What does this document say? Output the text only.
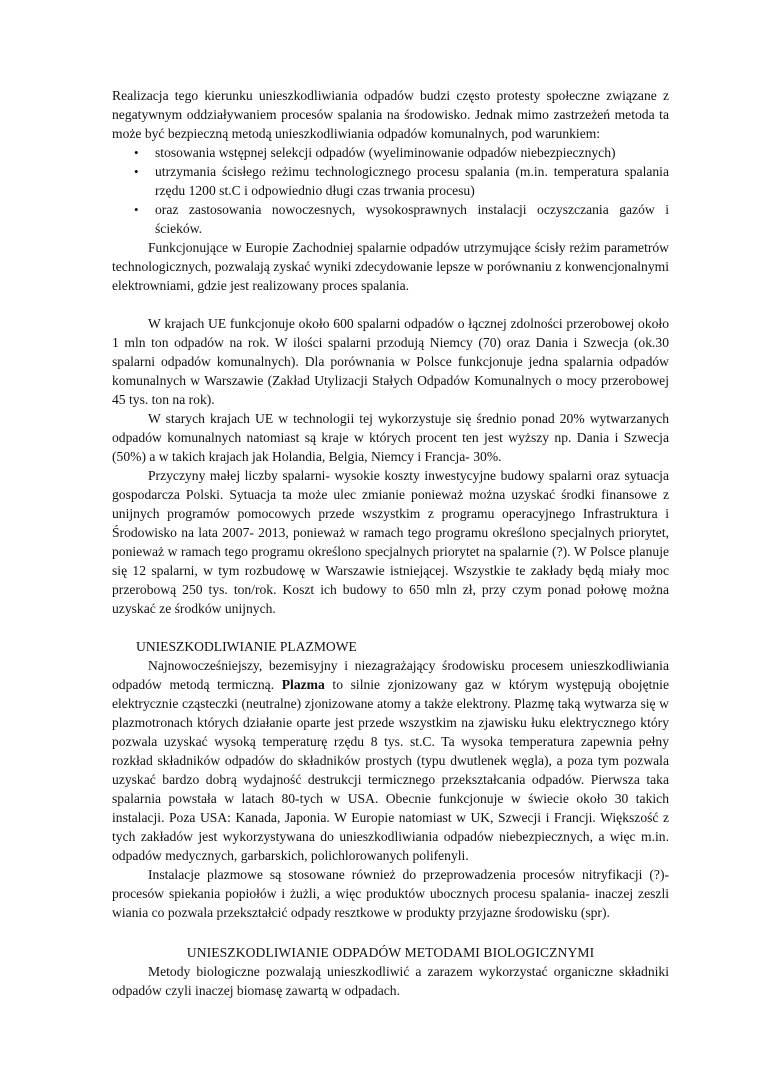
Realizacja tego kierunku unieszkodliwiania odpadów budzi często protesty społeczne związane z negatywnym oddziaływaniem procesów spalania na środowisko. Jednak mimo zastrzeżeń metoda ta może być bezpieczną metodą unieszkodliwiania odpadów komunalnych, pod warunkiem:

• stosowania wstępnej selekcji odpadów (wyeliminowanie odpadów niebezpiecznych)
• utrzymania ścisłego reżimu technologicznego procesu spalania (m.in. temperatura spalania rzędu 1200 st.C i odpowiednio długi czas trwania procesu)
• oraz zastosowania nowoczesnych, wysokosprawnych instalacji oczyszczania gazów i ścieków.

Funkcjonujące w Europie Zachodniej spalarnie odpadów utrzymujące ścisły reżim parametrów technologicznych, pozwalają zyskać wyniki zdecydowanie lepsze w porównaniu z konwencjonalnymi elektrowniami, gdzie jest realizowany proces spalania.

W krajach UE funkcjonuje około 600 spalarni odpadów o łącznej zdolności przerobowej około 1 mln ton odpadów na rok. W ilości spalarni przodują Niemcy (70) oraz Dania i Szwecja (ok.30 spalarni odpadów komunalnych). Dla porównania w Polsce funkcjonuje jedna spalarnia odpadów komunalnych w Warszawie (Zakład Utylizacji Stałych Odpadów Komunalnych o mocy przerobowej 45 tys. ton na rok).

W starych krajach UE w technologii tej wykorzystuje się średnio ponad 20% wytwarzanych odpadów komunalnych natomiast są kraje w których procent ten jest wyższy np. Dania i Szwecja (50%) a w takich krajach jak Holandia, Belgia, Niemcy i Francja- 30%.

Przyczyny małej liczby spalarni- wysokie koszty inwestycyjne budowy spalarni oraz sytuacja gospodarcza Polski. Sytuacja ta może ulec zmianie ponieważ można uzyskać środki finansowe z unijnych programów pomocowych przede wszystkim z programu operacyjnego Infrastruktura i Środowisko na lata 2007- 2013, ponieważ w ramach tego programu określono specjalnych priorytet, ponieważ w ramach tego programu określono specjalnych priorytet na spalarnie (?). W Polsce planuje się 12 spalarni, w tym rozbudowę w Warszawie istniejącej. Wszystkie te zakłady będą miały moc przerobową 250 tys. ton/rok. Koszt ich budowy to 650 mln zł, przy czym ponad połowę można uzyskać ze środków unijnych.

UNIESZKODLIWIANIE PLAZMOWE

Najnowocześniejszy, bezemisyjny i niezagrażający środowisku procesem unieszkodliwiania odpadów metodą termiczną. Plazma to silnie zjonizowany gaz w którym występują obojętnie elektrycznie cząsteczki (neutralne) zjonizowane atomy a także elektrony. Plazmę taką wytwarza się w plazmotronach których działanie oparte jest przede wszystkim na zjawisku łuku elektrycznego który pozwala uzyskać wysoką temperaturę rzędu 8 tys. st.C. Ta wysoka temperatura zapewnia pełny rozkład składników odpadów do składników prostych (typu dwutlenek węgla), a poza tym pozwala uzyskać bardzo dobrą wydajność destrukcji termicznego przekształcania odpadów. Pierwsza taka spalarnia powstała w latach 80-tych w USA. Obecnie funkcjonuje w świecie około 30 takich instalacji. Poza USA: Kanada, Japonia. W Europie natomiast w UK, Szwecji i Francji. Większość z tych zakładów jest wykorzystywana do unieszkodliwiania odpadów niebezpiecznych, a więc m.in. odpadów medycznych, garbarskich, polichlorowanych polifenyli.

Instalacje plazmowe są stosowane również do przeprowadzenia procesów nitryfikacji (?)- procesów spiekania popiołów i żużli, a więc produktów ubocznych procesu spalania- inaczej zeszli wiania co pozwala przekształcić odpady resztkowe w produkty przyjazne środowisku (spr).

UNIESZKODLIWIANIE ODPADÓW METODAMI BIOLOGICZNYMI

Metody biologiczne pozwalają unieszkodliwić a zarazem wykorzystać organiczne składniki odpadów czyli inaczej biomasę zawartą w odpadach.
